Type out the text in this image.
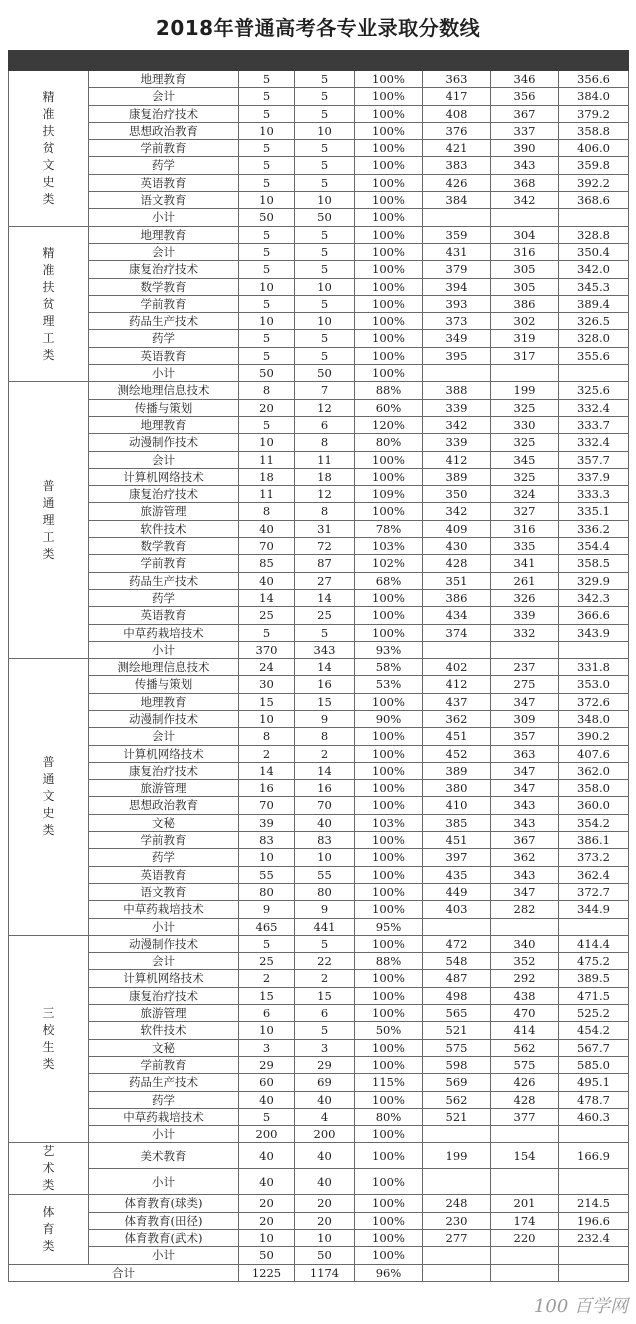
2018年普通高考各专业录取分数线

精准扶贫文史类	地理教育	5	5	100%	363	346	356.6
	会计	5	5	100%	417	356	384.0
	康复治疗技术	5	5	100%	408	367	379.2
	思想政治教育	10	10	100%	376	337	358.8
	学前教育	5	5	100%	421	390	406.0
	药学	5	5	100%	383	343	359.8
	英语教育	5	5	100%	426	368	392.2
	语文教育	10	10	100%	384	342	368.6
	小计	50	50	100%			

精准扶贫理工类	地理教育	5	5	100%	359	304	328.8
	会计	5	5	100%	431	316	350.4
	康复治疗技术	5	5	100%	379	305	342.0
	数学教育	10	10	100%	394	305	345.3
	学前教育	5	5	100%	393	386	389.4
	药品生产技术	10	10	100%	373	302	326.5
	药学	5	5	100%	349	319	328.0
	英语教育	5	5	100%	395	317	355.6
	小计	50	50	100%			

普通理工类	测绘地理信息技术	8	7	88%	388	199	325.6
	传播与策划	20	12	60%	339	325	332.4
	地理教育	5	6	120%	342	330	333.7
	动漫制作技术	10	8	80%	339	325	332.4
	会计	11	11	100%	412	345	357.7
	计算机网络技术	18	18	100%	389	325	337.9
	康复治疗技术	11	12	109%	350	324	333.3
	旅游管理	8	8	100%	342	327	335.1
	软件技术	40	31	78%	409	316	336.2
	数学教育	70	72	103%	430	335	354.4
	学前教育	85	87	102%	428	341	358.5
	药品生产技术	40	27	68%	351	261	329.9
	药学	14	14	100%	386	326	342.3
	英语教育	25	25	100%	434	339	366.6
	中草药栽培技术	5	5	100%	374	332	343.9
	小计	370	343	93%			

普通文史类	测绘地理信息技术	24	14	58%	402	237	331.8
	传播与策划	30	16	53%	412	275	353.0
	地理教育	15	15	100%	437	347	372.6
	动漫制作技术	10	9	90%	362	309	348.0
	会计	8	8	100%	451	357	390.2
	计算机网络技术	2	2	100%	452	363	407.6
	康复治疗技术	14	14	100%	389	347	362.0
	旅游管理	16	16	100%	380	347	358.0
	思想政治教育	70	70	100%	410	343	360.0
	文秘	39	40	103%	385	343	354.2
	学前教育	83	83	100%	451	367	386.1
	药学	10	10	100%	397	362	373.2
	英语教育	55	55	100%	435	343	362.4
	语文教育	80	80	100%	449	347	372.7
	中草药栽培技术	9	9	100%	403	282	344.9
	小计	465	441	95%			

三校生类	动漫制作技术	5	5	100%	472	340	414.4
	会计	25	22	88%	548	352	475.2
	计算机网络技术	2	2	100%	487	292	389.5
	康复治疗技术	15	15	100%	498	438	471.5
	旅游管理	6	6	100%	565	470	525.2
	软件技术	10	5	50%	521	414	454.2
	文秘	3	3	100%	575	562	567.7
	学前教育	29	29	100%	598	575	585.0
	药品生产技术	60	69	115%	569	426	495.1
	药学	40	40	100%	562	428	478.7
	中草药栽培技术	5	4	80%	521	377	460.3
	小计	200	200	100%			

艺术类	美术教育	40	40	100%	199	154	166.9
	小计	40	40	100%			

体育类	体育教育(球类)	20	20	100%	248	201	214.5
	体育教育(田径)	20	20	100%	230	174	196.6
	体育教育(武术)	10	10	100%	277	220	232.4
	小计	50	50	100%			
合计		1225	1174	96%			
100 百学网
